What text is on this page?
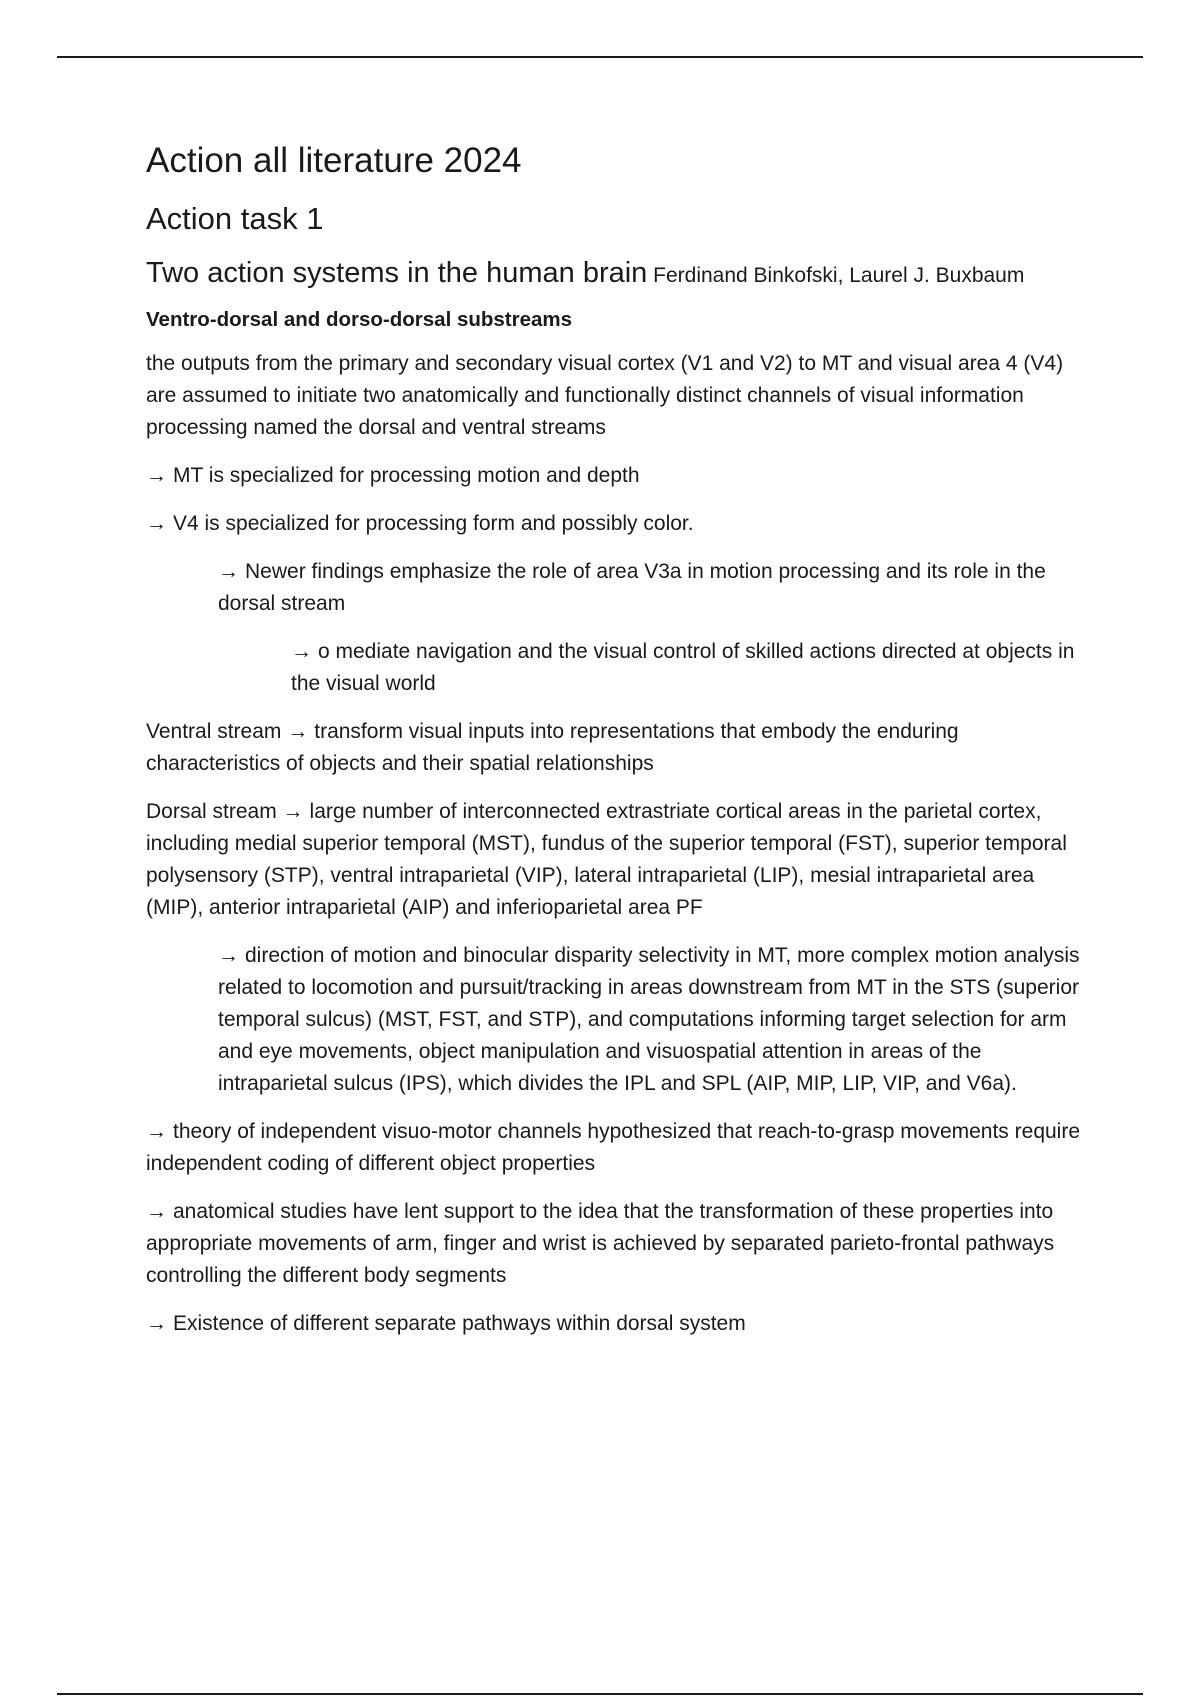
Action all literature 2024
Action task 1

Two action systems in the human brain Ferdinand Binkofski, Laurel J. Buxbaum

Ventro-dorsal and dorso-dorsal substreams

the outputs from the primary and secondary visual cortex (V1 and V2) to MT and visual area 4 (V4) are assumed to initiate two anatomically and functionally distinct channels of visual information processing named the dorsal and ventral streams

→ MT is specialized for processing motion and depth

→ V4 is specialized for processing form and possibly color.

→ Newer findings emphasize the role of area V3a in motion processing and its role in the dorsal stream

→ o mediate navigation and the visual control of skilled actions directed at objects in the visual world

Ventral stream → transform visual inputs into representations that embody the enduring characteristics of objects and their spatial relationships

Dorsal stream → large number of interconnected extrastriate cortical areas in the parietal cortex, including medial superior temporal (MST), fundus of the superior temporal (FST), superior temporal polysensory (STP), ventral intraparietal (VIP), lateral intraparietal (LIP), mesial intraparietal area (MIP), anterior intraparietal (AIP) and inferioparietal area PF

→ direction of motion and binocular disparity selectivity in MT, more complex motion analysis related to locomotion and pursuit/tracking in areas downstream from MT in the STS (superior temporal sulcus) (MST, FST, and STP), and computations informing target selection for arm and eye movements, object manipulation and visuospatial attention in areas of the intraparietal sulcus (IPS), which divides the IPL and SPL (AIP, MIP, LIP, VIP, and V6a).

→ theory of independent visuo-motor channels hypothesized that reach-to-grasp movements require independent coding of different object properties

→ anatomical studies have lent support to the idea that the transformation of these properties into appropriate movements of arm, finger and wrist is achieved by separated parieto-frontal pathways controlling the different body segments

→ Existence of different separate pathways within dorsal system
